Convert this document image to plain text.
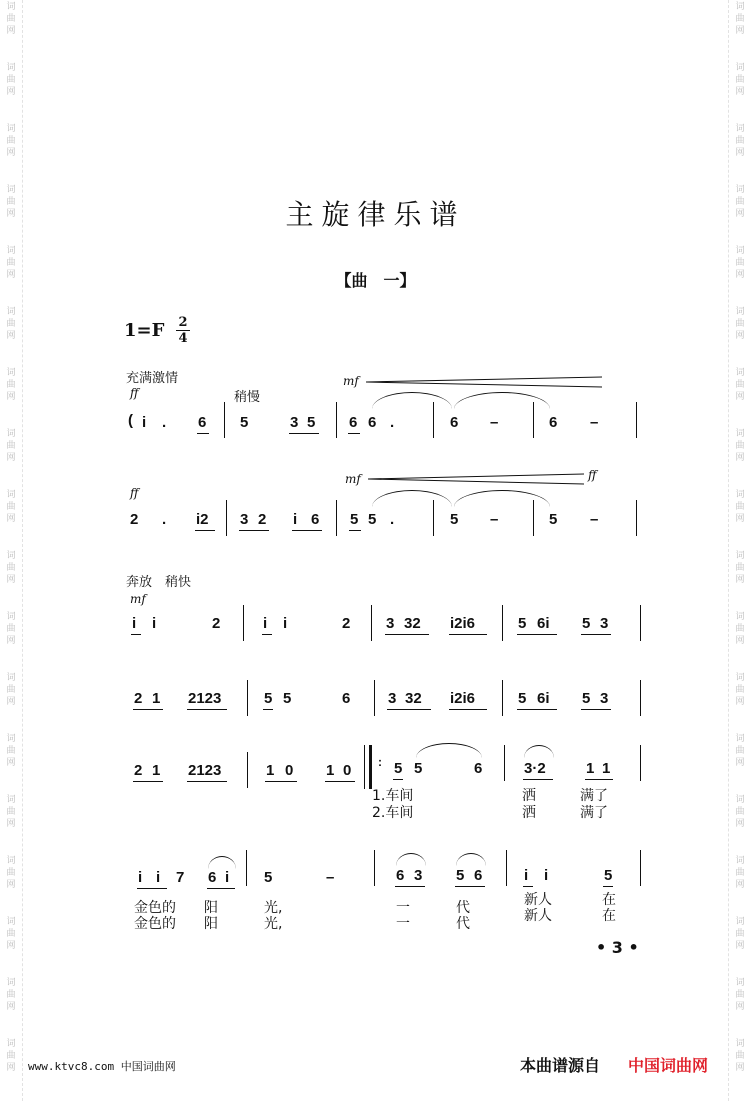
词
曲
网
词
曲
网
词
曲
网
词
曲
网
词
曲
网
词
曲
网
词
曲
网
词
曲
网
词
曲
网
词
曲
网
词
曲
网
词
曲
网
词
曲
网
词
曲
网
词
曲
网
词
曲
网
词
曲
网
词
曲
网
词
曲
网
词
曲
网
词
曲
网
词
曲
网
词
曲
网
词
曲
网
词
曲
网
词
曲
网
词
曲
网
词
曲
网
词
曲
网
词
曲
网
词
曲
网
词
曲
网
词
曲
网
词
曲
网
词
曲
网
词
曲
网
主旋律乐谱
【曲　一】
$1=F \frac{2}{4}$
充满激情
ff	稍慢
mf
( i . 6 5	3 5 6 6 .	6 –	6 –
ff
mf	ff
2 . i2 3 2 i 6 5 5 .	5 –	5 –
奔放　稍快
mf
i i	2	i i	2 3 32 i2i6	5 6i 5 3
2 1 2123	5 5	6	3 32 i2i6	5 6i 5 3
2 1 2123	1 0 1 0 : 5 5	6	3·2	1 1
1.车间	洒	满了
2.车间	洒	满了
i i 7 6 i 5	–	6 3 5 6	i i	5
金色的 阳	光,	一	代	新人	在
金色的 阳	光,	一	代	新人	在
• 3 •
www.ktvc8.com 中国词曲网	本曲谱源自 中国词曲网
